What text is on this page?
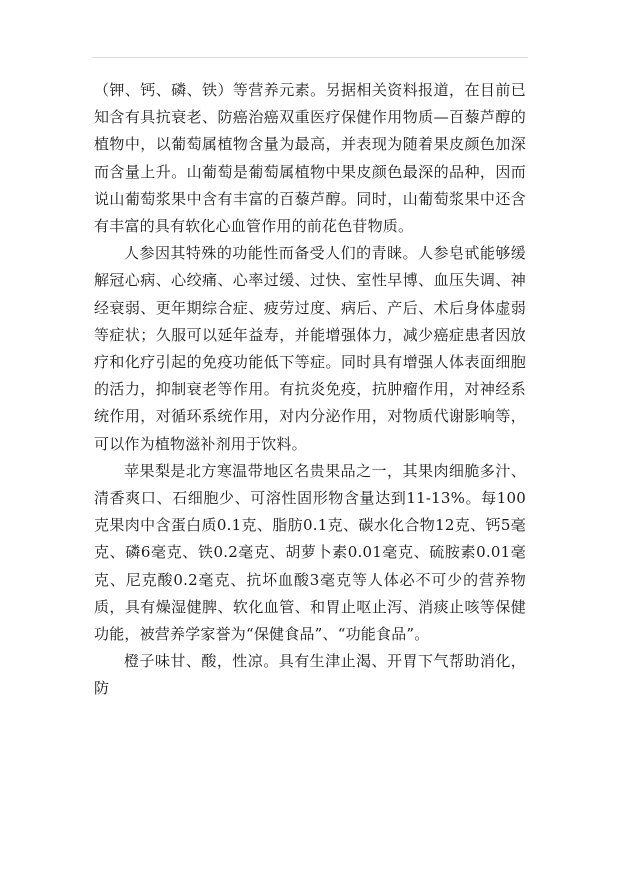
（钾、钙、磷、铁）等营养元素。另据相关资料报道，在目前已知含有具抗衰老、防癌治癌双重医疗保健作用物质—百藜芦醇的植物中，以葡萄属植物含量为最高，并表现为随着果皮颜色加深而含量上升。山葡萄是葡萄属植物中果皮颜色最深的品种，因而说山葡萄浆果中含有丰富的百藜芦醇。同时，山葡萄浆果中还含有丰富的具有软化心血管作用的前花色苷物质。

人参因其特殊的功能性而备受人们的青睐。人参皂甙能够缓解冠心病、心绞痛、心率过缓、过快、室性早博、血压失调、神经衰弱、更年期综合症、疲劳过度、病后、产后、术后身体虚弱等症状；久服可以延年益寿，并能增强体力，减少癌症患者因放疗和化疗引起的免疫功能低下等症。同时具有增强人体表面细胞的活力，抑制衰老等作用。有抗炎免疫，抗肿瘤作用，对神经系统作用，对循环系统作用，对内分泌作用，对物质代谢影响等，可以作为植物滋补剂用于饮料。

苹果梨是北方寒温带地区名贵果品之一，其果肉细脆多汁、清香爽口、石细胞少、可溶性固形物含量达到11-13%。每100克果肉中含蛋白质0.1克、脂肪0.1克、碳水化合物12克、钙5毫克、磷6毫克、铁0.2毫克、胡萝卜素0.01毫克、硫胺素0.01毫克、尼克酸0.2毫克、抗坏血酸3毫克等人体必不可少的营养物质，具有燥湿健脾、软化血管、和胃止呕止泻、消痰止咳等保健功能，被营养学家誉为“保健食品”、“功能食品”。

橙子味甘、酸，性凉。具有生津止渴、开胃下气帮助消化，防
